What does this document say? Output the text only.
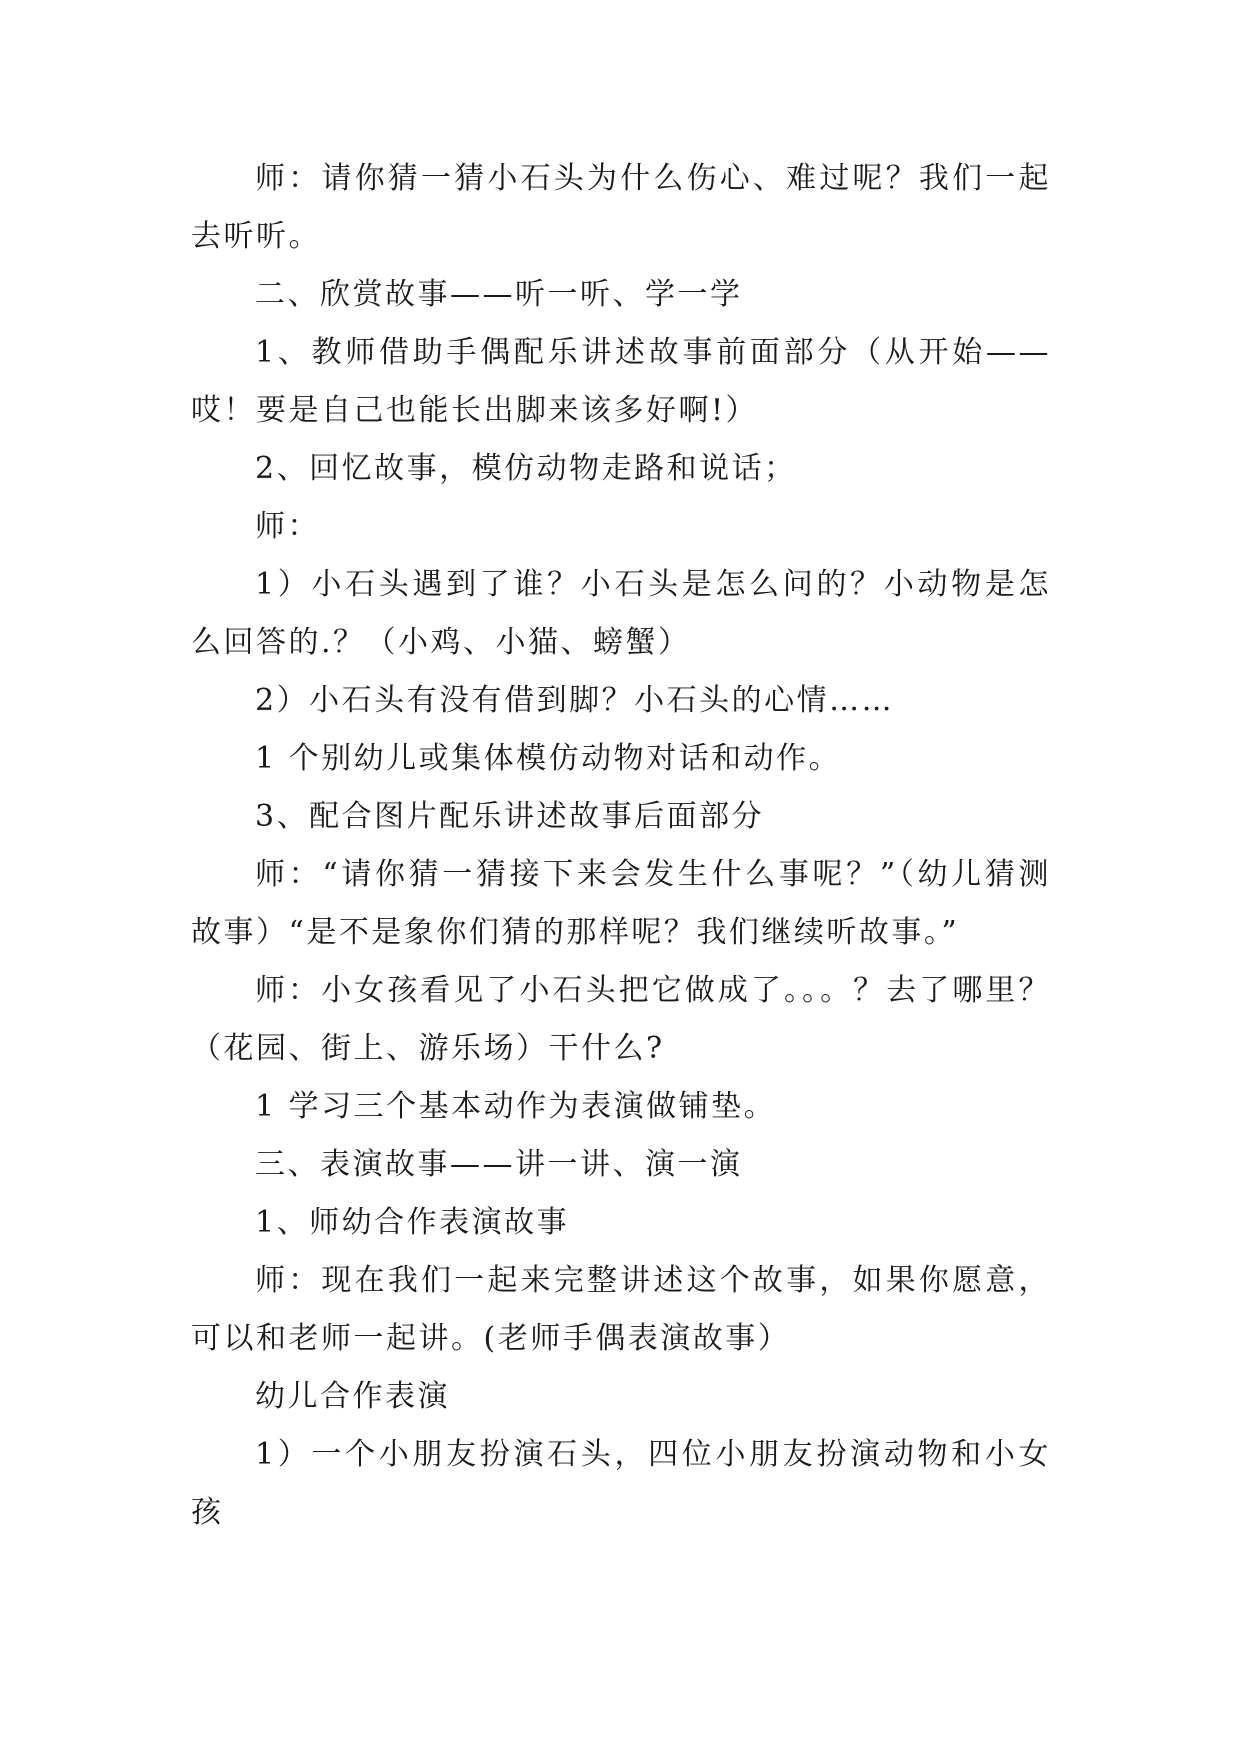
师：请你猜一猜小石头为什么伤心、难过呢？我们一起去听听。

二、欣赏故事——听一听、学一学

1、教师借助手偶配乐讲述故事前面部分（从开始——哎！要是自己也能长出脚来该多好啊!）

2、回忆故事，模仿动物走路和说话；

师：

1）小石头遇到了谁？小石头是怎么问的？小动物是怎么回答的.？（小鸡、小猫、螃蟹）

2）小石头有没有借到脚？小石头的心情……

1 个别幼儿或集体模仿动物对话和动作。

3、配合图片配乐讲述故事后面部分

师：“请你猜一猜接下来会发生什么事呢？”（幼儿猜测故事）“是不是象你们猜的那样呢？我们继续听故事。”

师：小女孩看见了小石头把它做成了。。。？去了哪里？（花园、街上、游乐场）干什么?

1 学习三个基本动作为表演做铺垫。

三、表演故事——讲一讲、演一演

1、师幼合作表演故事

师：现在我们一起来完整讲述这个故事，如果你愿意，可以和老师一起讲。(老师手偶表演故事）

幼儿合作表演

1）一个小朋友扮演石头，四位小朋友扮演动物和小女孩
